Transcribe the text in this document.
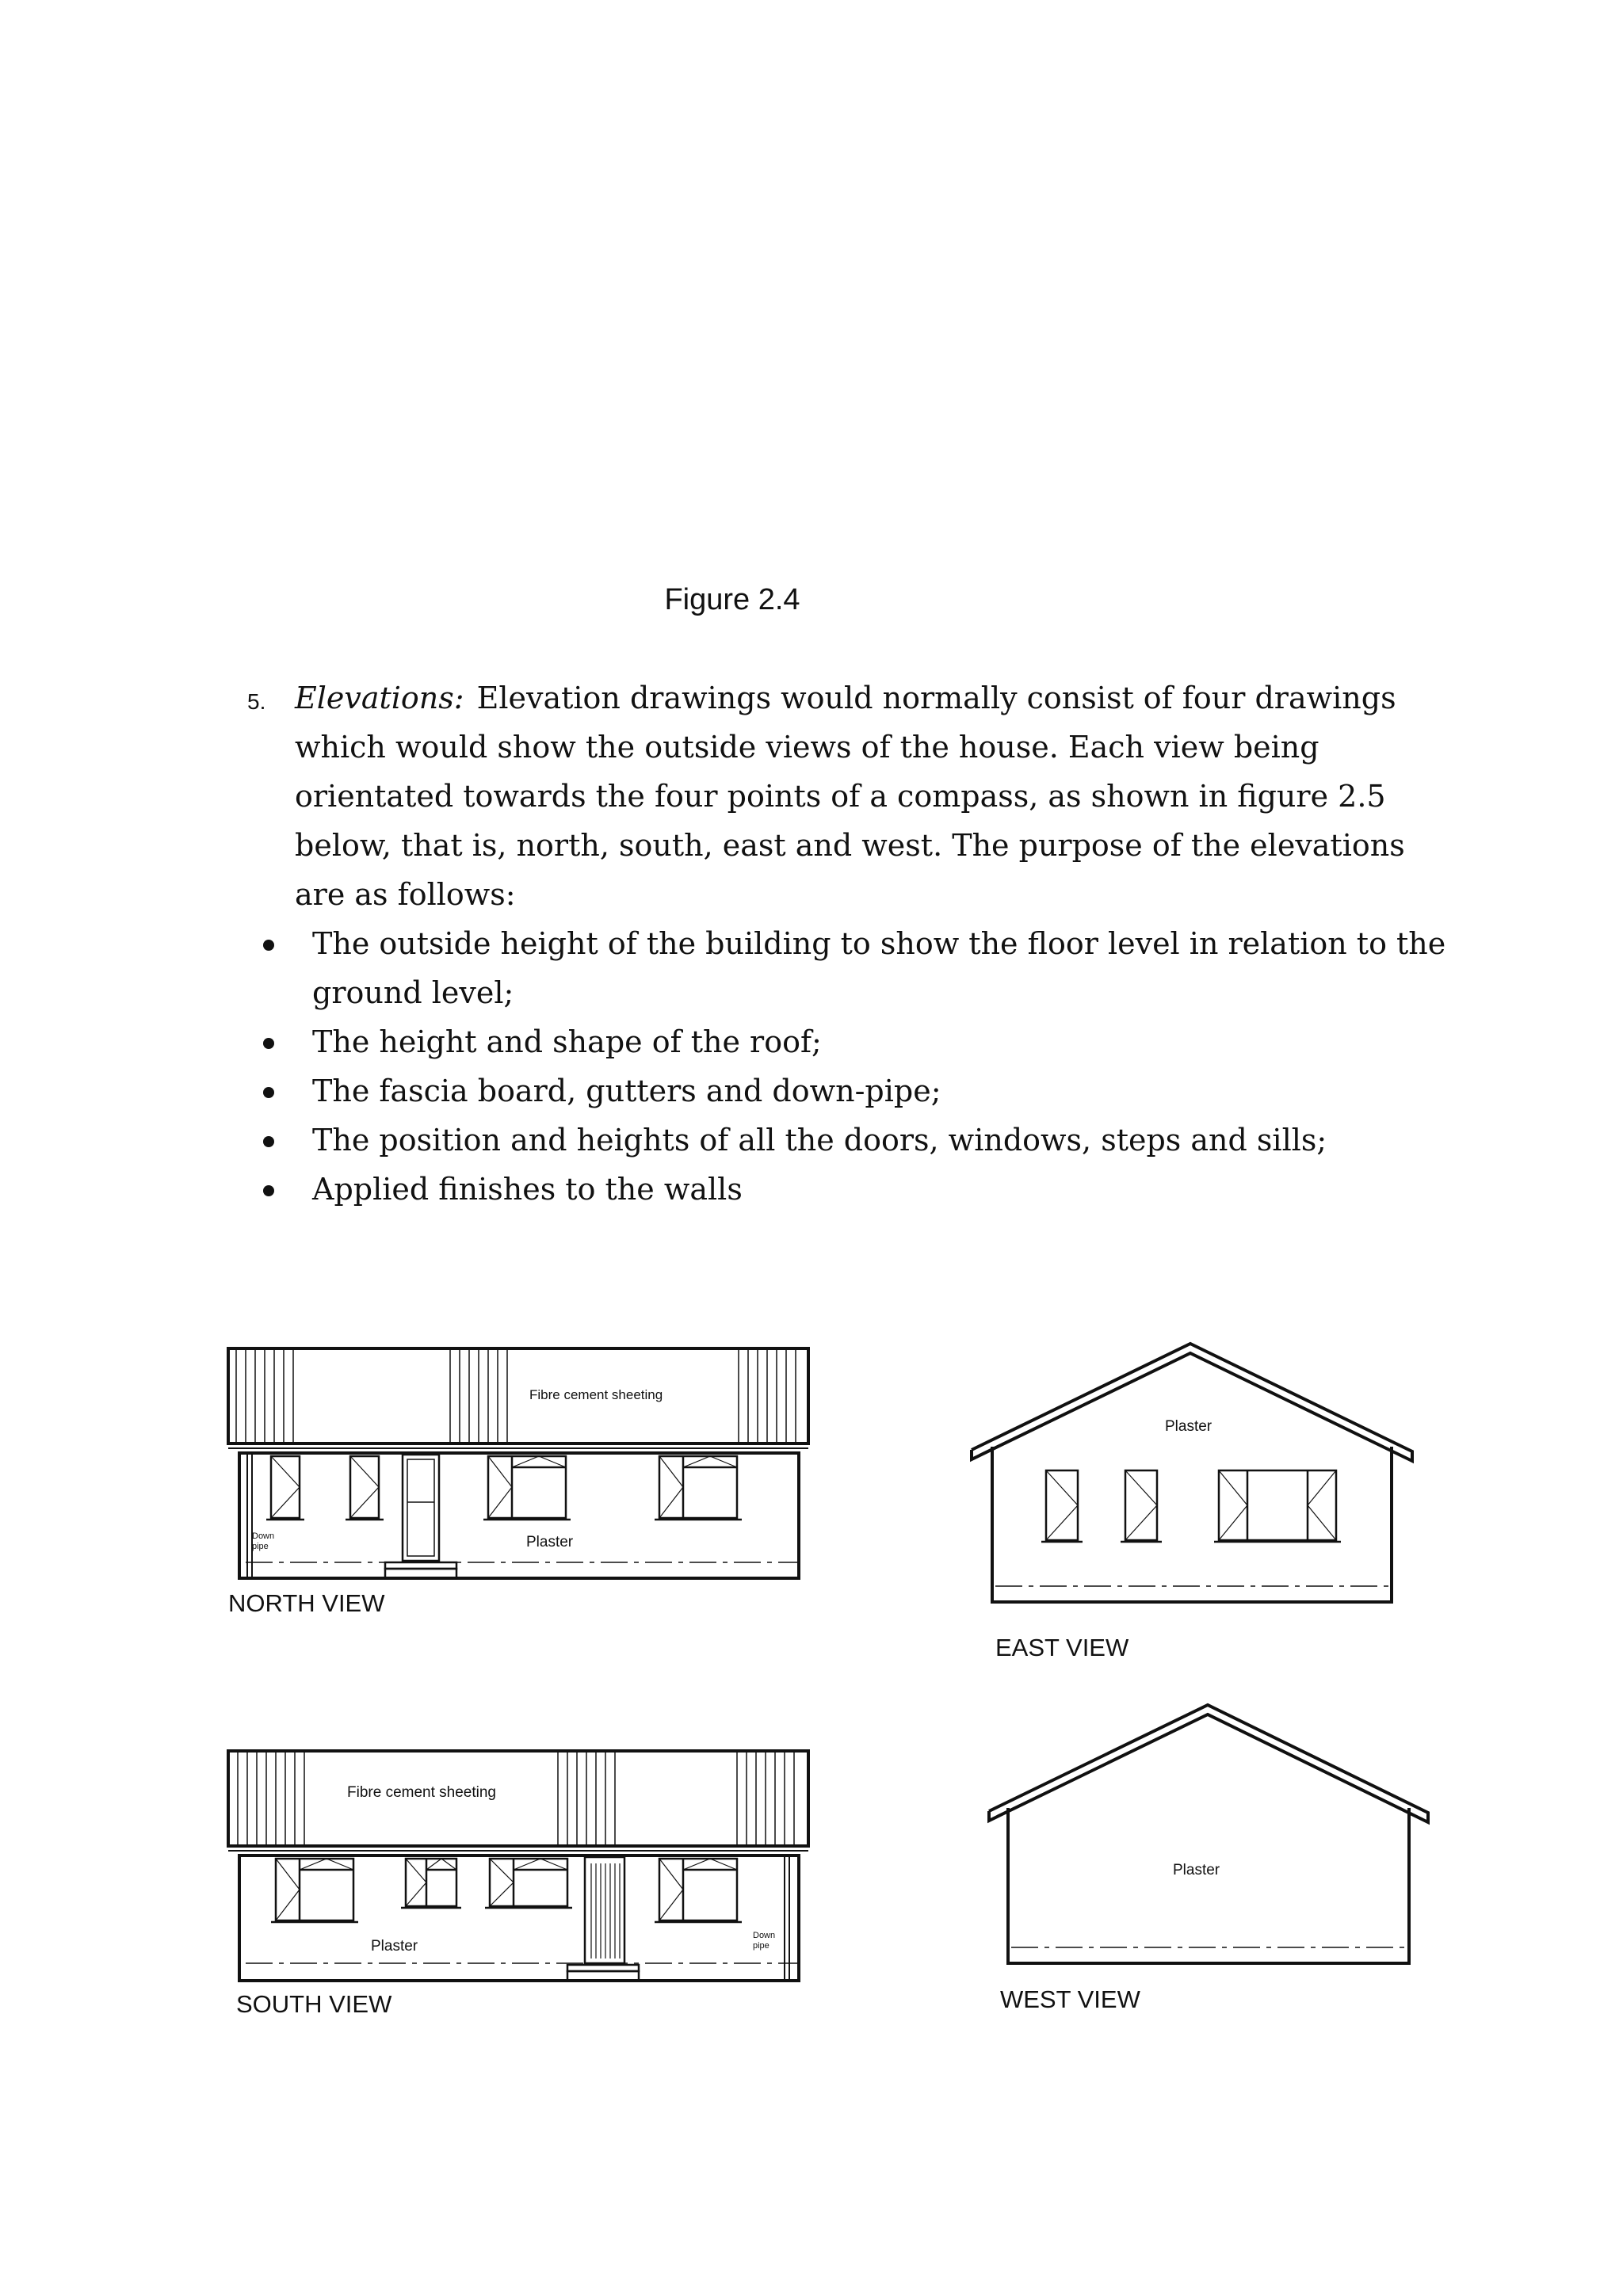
Figure 2.4
5. Elevations: Elevation drawings would normally consist of four drawings
which would show the outside views of the house. Each view being
orientated towards the four points of a compass, as shown in figure 2.5
below, that is, north, south, east and west. The purpose of the elevations
are as follows:
The outside height of the building to show the floor level in relation to the
ground level;
The height and shape of the roof;
The fascia board, gutters and down-pipe;
The position and heights of all the doors, windows, steps and sills;
Applied finishes to the walls
Fibre cement sheeting
Plaster
Down
pipe
NORTH VIEW
Plaster
EAST VIEW
Fibre cement sheeting
Plaster
Down
pipe
SOUTH VIEW
Plaster
WEST VIEW
